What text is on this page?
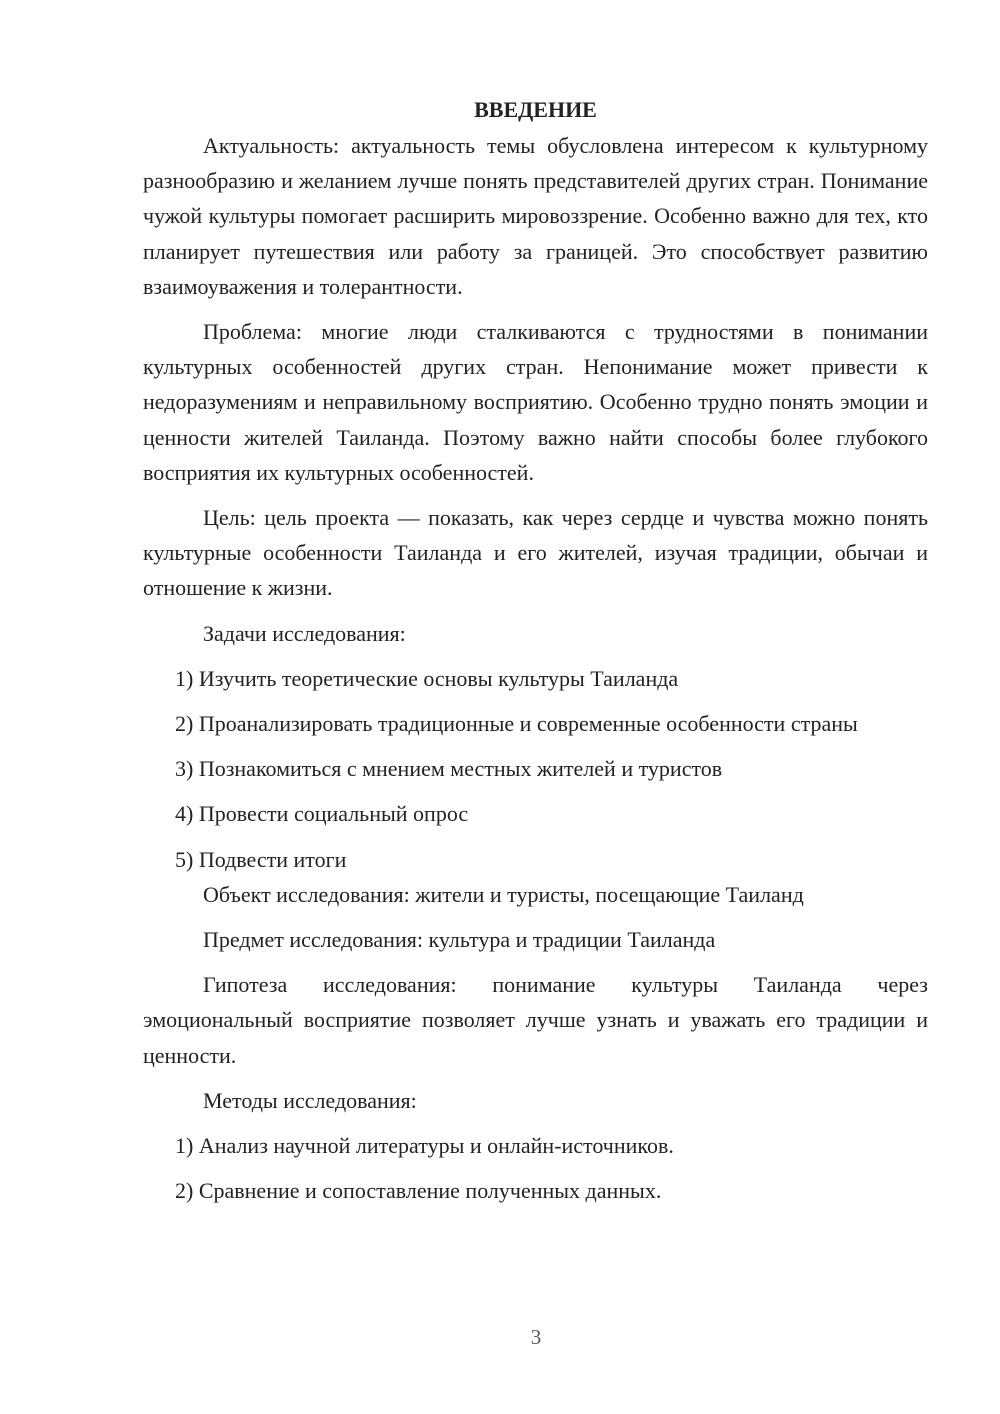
ВВЕДЕНИЕ

Актуальность: актуальность темы обусловлена интересом к культурному разнообразию и желанием лучше понять представителей других стран. Понимание чужой культуры помогает расширить мировоззрение. Особенно важно для тех, кто планирует путешествия или работу за границей. Это способствует развитию взаимоуважения и толерантности.

Проблема: многие люди сталкиваются с трудностями в понимании культурных особенностей других стран. Непонимание может привести к недоразумениям и неправильному восприятию. Особенно трудно понять эмоции и ценности жителей Таиланда. Поэтому важно найти способы более глубокого восприятия их культурных особенностей.

Цель: цель проекта — показать, как через сердце и чувства можно понять культурные особенности Таиланда и его жителей, изучая традиции, обычаи и отношение к жизни.

Задачи исследования:

1) Изучить теоретические основы культуры Таиланда

2) Проанализировать традиционные и современные особенности страны

3) Познакомиться с мнением местных жителей и туристов

4) Провести социальный опрос

5) Подвести итоги

Объект исследования: жители и туристы, посещающие Таиланд

Предмет исследования: культура и традиции Таиланда

Гипотеза исследования: понимание культуры Таиланда через эмоциональный восприятие позволяет лучше узнать и уважать его традиции и ценности.

Методы исследования:

1) Анализ научной литературы и онлайн-источников.

2) Сравнение и сопоставление полученных данных.

3
